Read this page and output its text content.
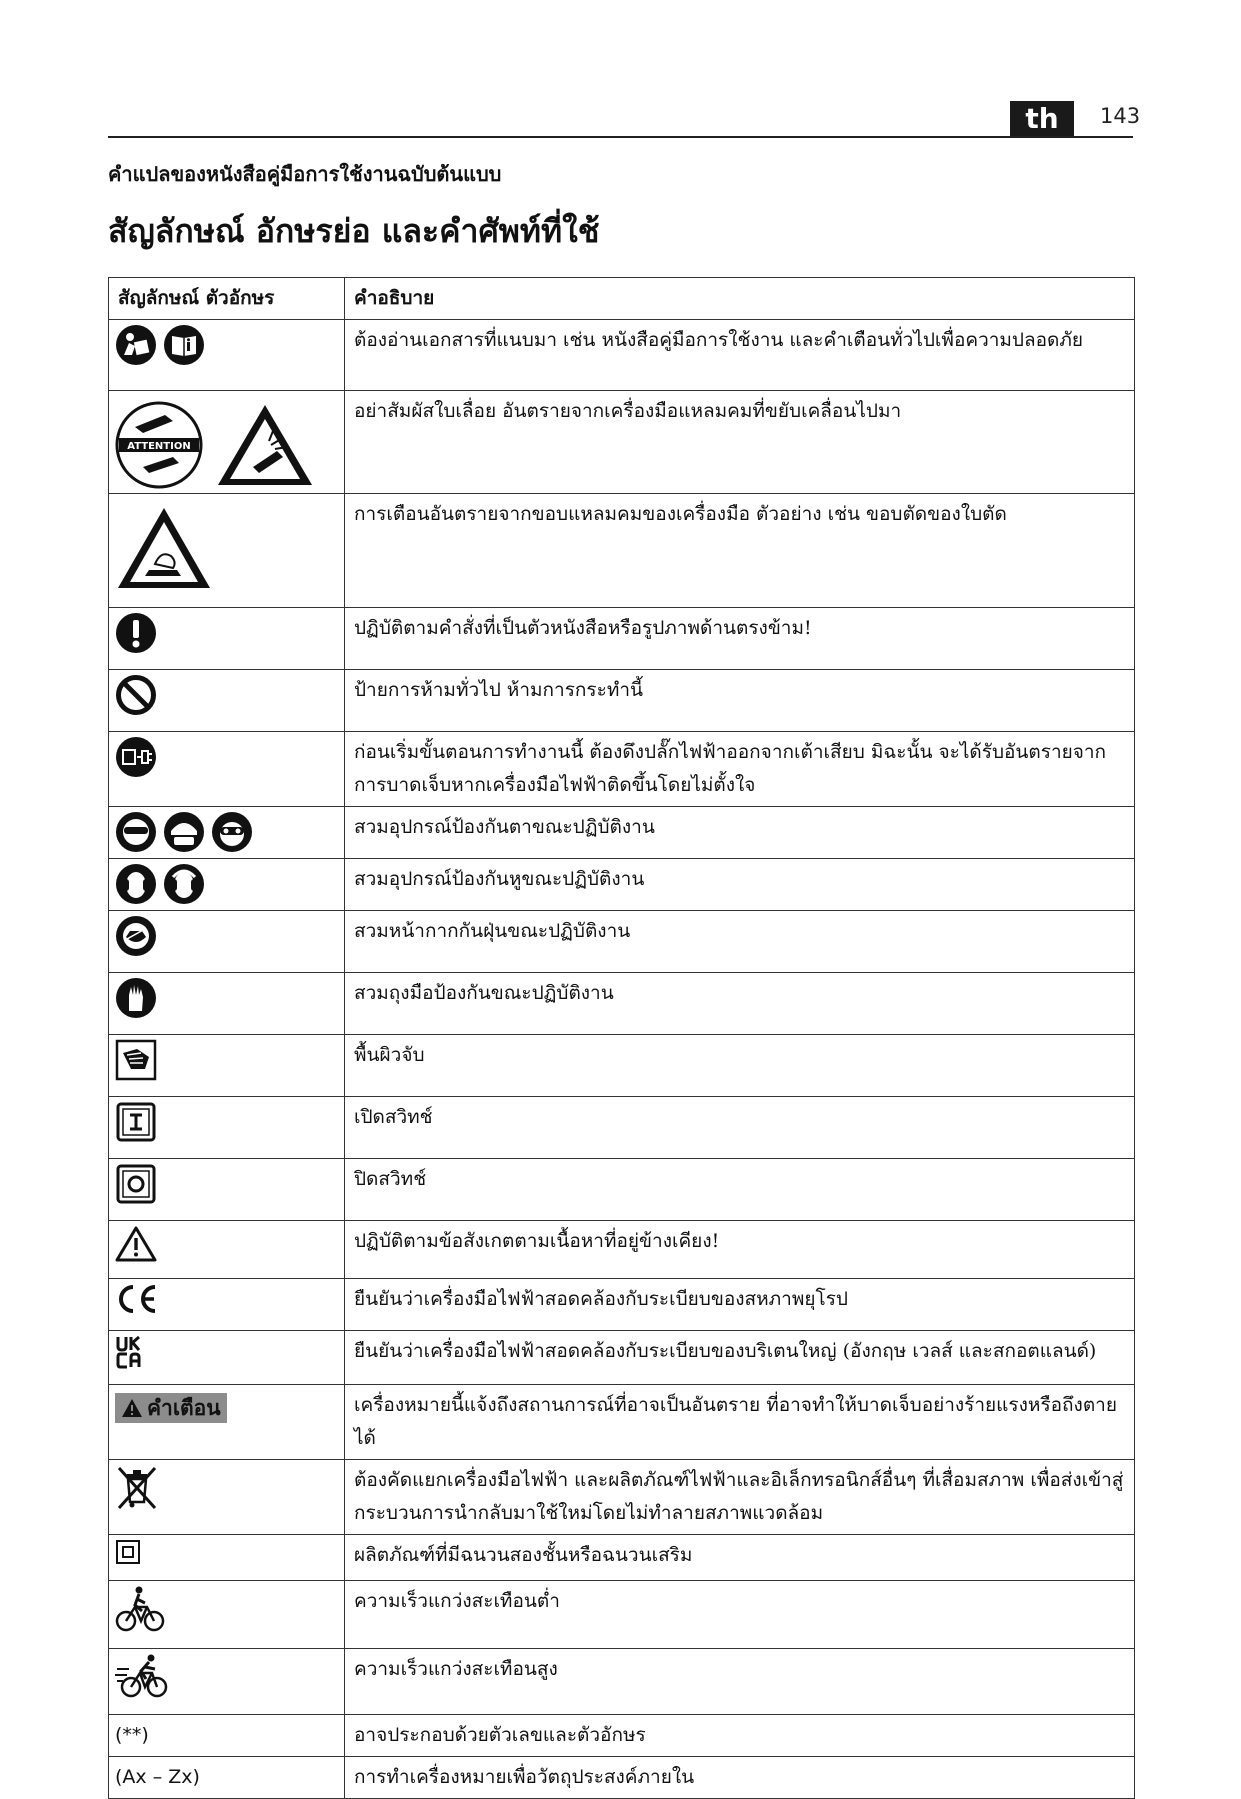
th	143
คำแปลของหนังสือคู่มือการใช้งานฉบับต้นแบบ
สัญลักษณ์ อักษรย่อ และคำศัพท์ที่ใช้
สัญลักษณ์ ตัวอักษร	คำอธิบาย

	ต้องอ่านเอกสารที่แนบมา เช่น หนังสือคู่มือการใช้งาน และคำเตือนทั่วไปเพื่อความปลอดภัย

ATTENTION	อย่าสัมผัสใบเลื่อย อันตรายจากเครื่องมือแหลมคมที่ขยับเคลื่อนไปมา
	การเตือนอันตรายจากขอบแหลมคมของเครื่องมือ ตัวอย่าง เช่น ขอบตัดของใบตัด
	ปฏิบัติตามคำสั่งที่เป็นตัวหนังสือหรือรูปภาพด้านตรงข้าม!
	ป้ายการห้ามทั่วไป ห้ามการกระทำนี้
	ก่อนเริ่มขั้นตอนการทำงานนี้ ต้องดึงปลั๊กไฟฟ้าออกจากเต้าเสียบ มิฉะนั้น จะได้รับอันตรายจากการบาดเจ็บหากเครื่องมือไฟฟ้าติดขึ้นโดยไม่ตั้งใจ

	สวมอุปกรณ์ป้องกันตาขณะปฏิบัติงาน

	สวมอุปกรณ์ป้องกันหูขณะปฏิบัติงาน
	สวมหน้ากากกันฝุ่นขณะปฏิบัติงาน
	สวมถุงมือป้องกันขณะปฏิบัติงาน
	พื้นผิวจับ
	เปิดสวิทช์
	ปิดสวิทช์
	ปฏิบัติตามข้อสังเกตตามเนื้อหาที่อยู่ข้างเคียง!
	ยืนยันว่าเครื่องมือไฟฟ้าสอดคล้องกับระเบียบของสหภาพยุโรป
	ยืนยันว่าเครื่องมือไฟฟ้าสอดคล้องกับระเบียบของบริเตนใหญ่ (อังกฤษ เวลส์ และสกอตแลนด์)

คำเตือน	เครื่องหมายนี้แจ้งถึงสถานการณ์ที่อาจเป็นอันตราย ที่อาจทำให้บาดเจ็บอย่างร้ายแรงหรือถึงตายได้
	ต้องคัดแยกเครื่องมือไฟฟ้า และผลิตภัณฑ์ไฟฟ้าและอิเล็กทรอนิกส์อื่นๆ ที่เสื่อมสภาพ เพื่อส่งเข้าสู่กระบวนการนำกลับมาใช้ใหม่โดยไม่ทำลายสภาพแวดล้อม
	ผลิตภัณฑ์ที่มีฉนวนสองชั้นหรือฉนวนเสริม
	ความเร็วแกว่งสะเทือนต่ำ
	ความเร็วแกว่งสะเทือนสูง
(**)	อาจประกอบด้วยตัวเลขและตัวอักษร
(Ax – Zx)	การทำเครื่องหมายเพื่อวัตถุประสงค์ภายใน
